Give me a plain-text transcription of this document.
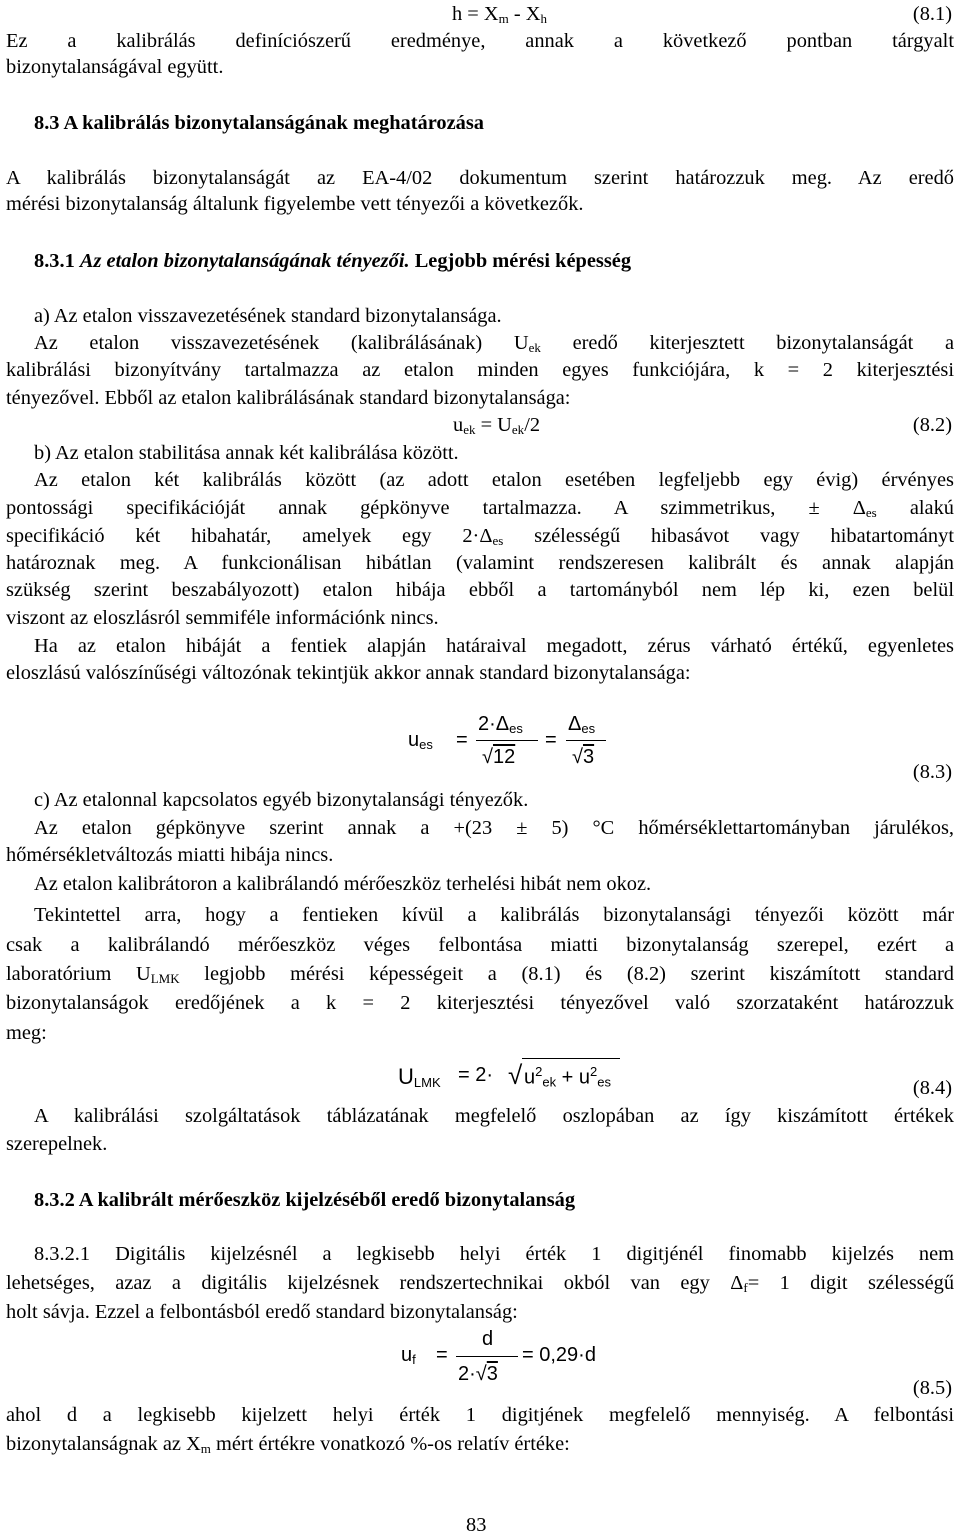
$h = X_m - X_h$	(8.1)
Ez a kalibrálás definíciószerű eredménye, annak a következő pontban tárgyalt
bizonytalanságával együtt.
8.3 A kalibrálás bizonytalanságának meghatározása
A kalibrálás bizonytalanságát az EA-4/02 dokumentum szerint határozzuk meg. Az eredő
mérési bizonytalanság általunk figyelembe vett tényezői a következők.
8.3.1 Az etalon bizonytalanságának tényezői. Legjobb mérési képesség
a) Az etalon visszavezetésének standard bizonytalansága.
Az etalon visszavezetésének (kalibrálásának) $U_{ek}$ eredő kiterjesztett bizonytalanságát a
kalibrálási bizonyítvány tartalmazza az etalon minden egyes funkciójára, k = 2 kiterjesztési
tényezővel. Ebből az etalon kalibrálásának standard bizonytalansága:
$u_{ek} = U_{ek}/2$	(8.2)
b) Az etalon stabilitása annak két kalibrálása között.
Az etalon két kalibrálás között (az adott etalon esetében legfeljebb egy évig) érvényes
pontossági specifikációját annak gépkönyve tartalmazza. A szimmetrikus, ± $\Delta_{es}$ alakú
specifikáció két hibahatár, amelyek egy $2\cdot\Delta_{es}$ szélességű hibasávot vagy hibatartományt
határoznak meg. A funkcionálisan hibátlan (valamint rendszeresen kalibrált és annak alapján
szükség szerint beszabályozott) etalon hibája ebből a tartományból nem lép ki, ezen belül
viszont az eloszlásról semmiféle információnk nincs.
Ha az etalon hibáját a fentiek alapján határaival megadott, zérus várható értékű, egyenletes
eloszlású valószínűségi változónak tekintjük akkor annak standard bizonytalansága:
$u_{es}$ =
$2\cdot\Delta_{es}$
√12
=
$\Delta_{es}$
√3
(8.3)
c) Az etalonnal kapcsolatos egyéb bizonytalansági tényezők.
Az etalon gépkönyve szerint annak a +(23 ± 5) °C hőmérséklettartományban járulékos,
hőmérsékletváltozás miatti hibája nincs.
Az etalon kalibrátoron a kalibrálandó mérőeszköz terhelési hibát nem okoz.
Tekintettel arra, hogy a fentieken kívül a kalibrálás bizonytalansági tényezői között már
csak a kalibrálandó mérőeszköz véges felbontása miatti bizonytalanság szerepel, ezért a
laboratórium $U_{LMK}$ legjobb mérési képességeit a (8.1) és (8.2) szerint kiszámított standard
bizonytalanságok eredőjének a k = 2 kiterjesztési tényezővel való szorzataként határozzuk
meg:
$U_{LMK} = 2\cdot$ √ $u^2_{ek} + u^2_{es}$	(8.4)
A kalibrálási szolgáltatások táblázatának megfelelő oszlopában az így kiszámított értékek
szerepelnek.
8.3.2 A kalibrált mérőeszköz kijelzéséből eredő bizonytalanság
8.3.2.1 Digitális kijelzésnél a legkisebb helyi érték 1 digitjénél finomabb kijelzés nem
lehetséges, azaz a digitális kijelzésnek rendszertechnikai okból van egy $\Delta_f= 1$ digit szélességű
holt sávja. Ezzel a felbontásból eredő standard bizonytalanság:
$u_f$ =
d
2·√3
= 0,29·d
(8.5)
ahol d a legkisebb kijelzett helyi érték 1 digitjének megfelelő mennyiség. A felbontási
bizonytalanságnak az $X_m$ mért értékre vonatkozó %-os relatív értéke:
83
